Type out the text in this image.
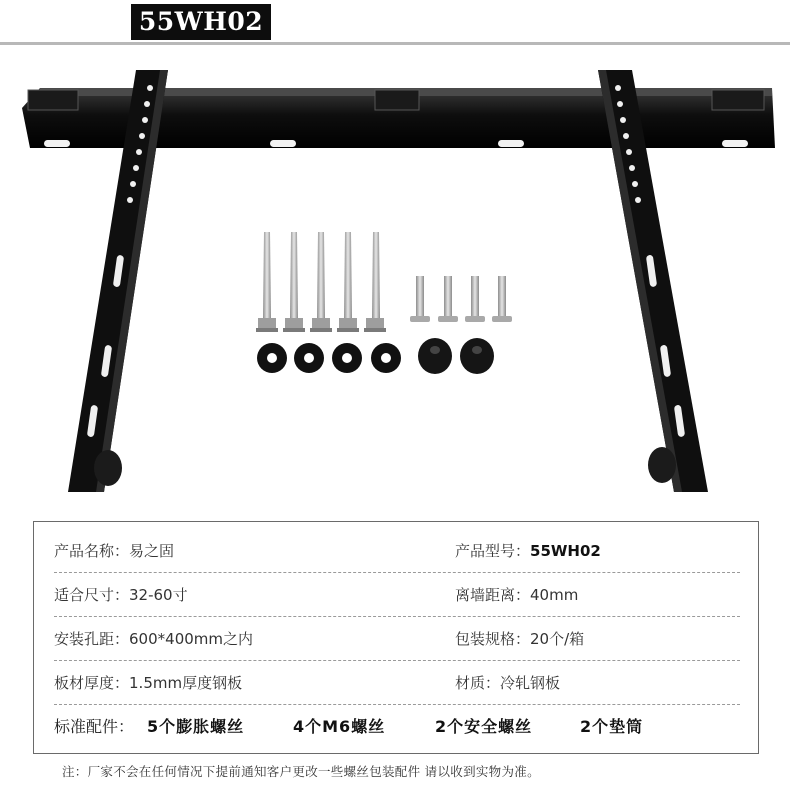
55WH02
产品名称：易之固	产品型号：55WH02
适合尺寸：32-60寸	离墙距离：40mm
安装孔距：600*400mm之内	包装规格：20个/箱
板材厚度：1.5mm厚度钢板	材质：冷轧钢板
标准配件： 5个膨胀螺丝	4个M6螺丝	2个安全螺丝	2个垫筒
注：厂家不会在任何情况下提前通知客户更改一些螺丝包装配件 请以收到实物为准。
